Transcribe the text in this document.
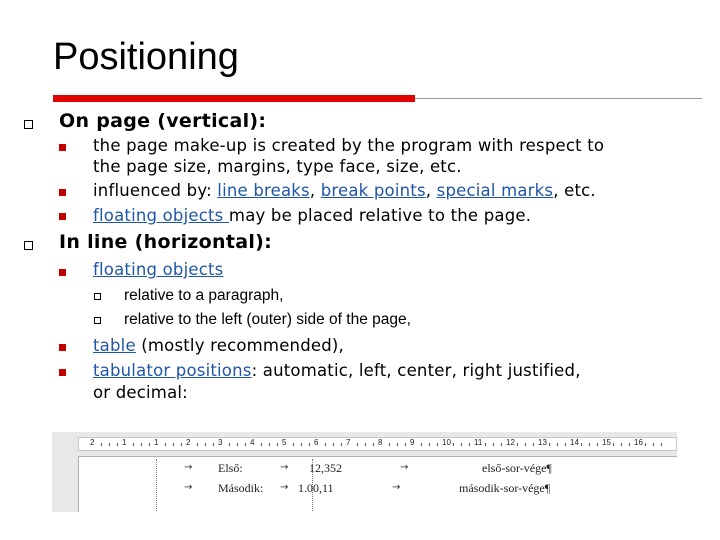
Positioning
On page (vertical):
the page make-up is created by the program with respect to
the page size, margins, type face, size, etc.
influenced by: line breaks, break points, special marks, etc.
floating objects may be placed relative to the page.
In line (horizontal):
floating objects
relative to a paragraph,
relative to the left (outer) side of the page,
table (mostly recommended),
tabulator positions: automatic, left, center, right justified,
or decimal:
2	1	1	2	3	4	5	6	7	8	9	10	11	12	13	14	15	16
→ Első:	→ 12,352	→	első-sor-vége¶
→ Második: → 1.00,11	→	második-sor-vége¶
